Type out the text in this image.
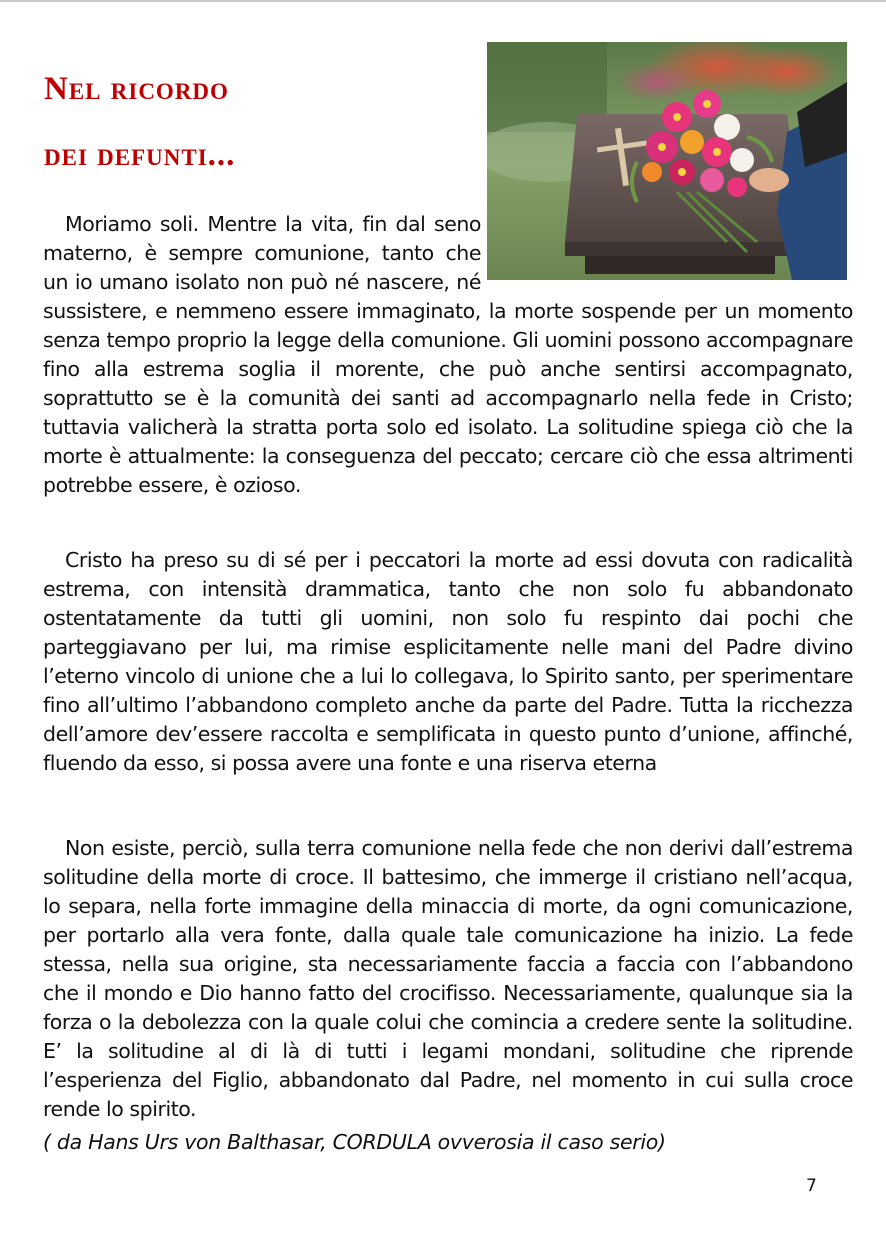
Nel ricordo
dei defunti...

Moriamo soli. Mentre la vita, fin dal seno materno, è sempre comunione, tanto che un io umano isolato non può né nascere, né sussistere, e nemmeno essere immaginato, la morte sospende per un momento senza tempo proprio la legge della comunione. Gli uomini possono accompagnare fino alla estrema soglia il morente, che può anche sentirsi accompagnato, soprattutto se è la comunità dei santi ad accompagnarlo nella fede in Cristo; tuttavia valicherà la stratta porta solo ed isolato. La solitudine spiega ciò che la morte è attualmente: la conseguenza del peccato; cercare ciò che essa altrimenti potrebbe essere, è ozioso.

Cristo ha preso su di sé per i peccatori la morte ad essi dovuta con radicalità estrema, con intensità drammatica, tanto che non solo fu abbandonato ostentatamente da tutti gli uomini, non solo fu respinto dai pochi che parteggiavano per lui, ma rimise esplicitamente nelle mani del Padre divino l’eterno vincolo di unione che a lui lo collegava, lo Spirito santo, per sperimentare fino all’ultimo l’abbandono completo anche da parte del Padre. Tutta la ricchezza dell’amore dev’essere raccolta e semplificata in questo punto d’unione, affinché, fluendo da esso, si possa avere una fonte e una riserva eterna

Non esiste, perciò, sulla terra comunione nella fede che non derivi dall’estrema solitudine della morte di croce. Il battesimo, che immerge il cristiano nell’acqua, lo separa, nella forte immagine della minaccia di morte, da ogni comunicazione, per portarlo alla vera fonte, dalla quale tale comunicazione ha inizio. La fede stessa, nella sua origine, sta necessariamente faccia a faccia con l’abbandono che il mondo e Dio hanno fatto del crocifisso. Necessariamente, qualunque sia la forza o la debolezza con la quale colui che comincia a credere sente la solitudine. E’ la solitudine al di là di tutti i legami mondani, solitudine che riprende l’esperienza del Figlio, abbandonato dal Padre, nel momento in cui sulla croce rende lo spirito.

( da Hans Urs von Balthasar, CORDULA ovverosia il caso serio)
7
